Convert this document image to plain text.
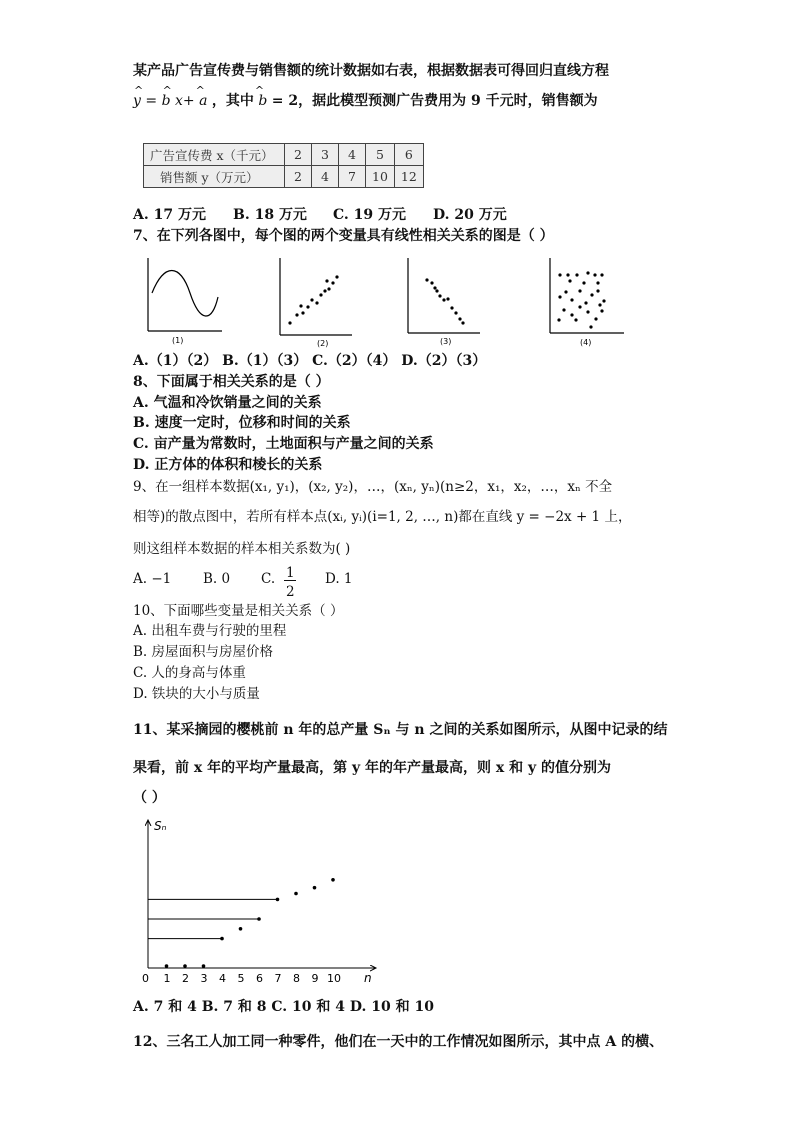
某产品广告宣传费与销售额的统计数据如右表，根据数据表可得回归直线方程
y
^
= b
^
x+ a
^
，其中 b
^
= 2，据此模型预测广告费用为 9 千元时，销售额为
广告宣传费 x（千元）	2	3	4	5	6
销售额 y（万元）	2	4	7	10	12
A. 17 万元 B. 18 万元 C. 19 万元 D. 20 万元
7、在下列各图中，每个图的两个变量具有线性相关关系的图是（ ）
(1)	(2)	(3)	(4)
A.（1）（2） B.（1）（3） C.（2）（4） D.（2）（3）
8、下面属于相关关系的是（ ）
A. 气温和冷饮销量之间的关系
B. 速度一定时，位移和时间的关系
C. 亩产量为常数时，土地面积与产量之间的关系
D. 正方体的体积和棱长的关系
9、在一组样本数据(x₁, y₁)，(x₂, y₂)，…，(xₙ, yₙ)(n≥2，x₁，x₂，…，xₙ 不全
相等)的散点图中，若所有样本点(xᵢ, yᵢ)(i=1, 2, …, n)都在直线 y = −2x + 1 上，
则这组样本数据的样本相关系数为( )
A. −1 B. 0 C.
$\frac{1}{2}$
D. 1
10、下面哪些变量是相关关系（ ）
A. 出租车费与行驶的里程
B. 房屋面积与房屋价格
C. 人的身高与体重
D. 铁块的大小与质量
11、某采摘园的樱桃前 n 年的总产量 Sₙ 与 n 之间的关系如图所示，从图中记录的结
果看，前 x 年的平均产量最高，第 y 年的年产量最高，则 x 和 y 的值分别为
（ ）
Sₙ
n
0 1 2 3 4 5 6 7 8 9 10
A. 7 和 4 B. 7 和 8 C. 10 和 4 D. 10 和 10
12、三名工人加工同一种零件，他们在一天中的工作情况如图所示，其中点 A 的横、
